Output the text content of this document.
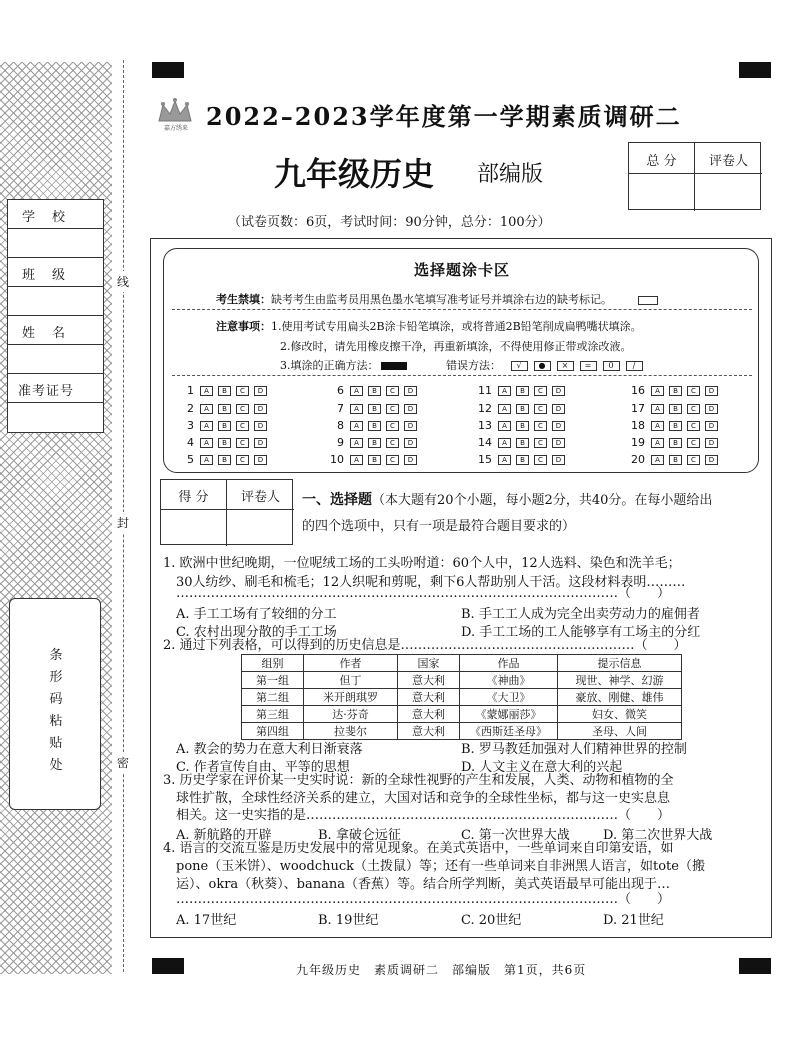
学　校
班　级
姓　名
准考证号
条形码粘贴处
线
封
密
嘉方绣来 2022–2023学年度第一学期素质调研二
九年级历史 部编版
（试卷页数：6页，考试时间：90分钟，总分：100分）
总 分	评卷人
选择题涂卡区
考生禁填：缺考考生由监考员用黑色墨水笔填写准考证号并填涂右边的缺考标记。
注意事项：1.使用考试专用扁头2B涂卡铅笔填涂，或将普通2B铅笔削成扁鸭嘴状填涂。
2.修改时，请先用橡皮擦干净，再重新填涂，不得使用修正带或涂改液。
3.填涂的正确方法：	错误方法： √ ● × = 0 /
1 A B C D
2 A B C D
3 A B C D
4 A B C D
5 A B C D
6 A B C D
7 A B C D
8 A B C D
9 A B C D
10 A B C D
11 A B C D
12 A B C D
13 A B C D
14 A B C D
15 A B C D
16 A B C D
17 A B C D
18 A B C D
19 A B C D
20 A B C D
得 分	评卷人	一、选择题（本大题有20个小题，每小题2分，共40分。在每小题给出
的四个选项中，只有一项是最符合题目要求的）
1. 欧洲中世纪晚期，一位呢绒工场的工头吩咐道：60个人中，12人选料、染色和洗羊毛；
30人纺纱、刷毛和梳毛；12人织呢和剪呢，剩下6人帮助别人干活。这段材料表明………
…………………………………………………………………………………………（　　）
A. 手工工场有了较细的分工	B. 手工工人成为完全出卖劳动力的雇佣者
C. 农村出现分散的手工工场	D. 手工工场的工人能够享有工场主的分红
2. 通过下列表格，可以得到的历史信息是………………………………………………（　　）
组别	作者	国家	作品	提示信息
第一组	但丁	意大利	《神曲》	现世、神学、幻游
第二组	米开朗琪罗	意大利	《大卫》	豪放、刚健、雄伟
第三组	达·芬奇	意大利	《蒙娜丽莎》	妇女、微笑
第四组	拉斐尔	意大利	《西斯廷圣母》	圣母、人间
A. 教会的势力在意大利日渐衰落	B. 罗马教廷加强对人们精神世界的控制
C. 作者宣传自由、平等的思想	D. 人文主义在意大利的兴起
3. 历史学家在评价某一史实时说：新的全球性视野的产生和发展，人类、动物和植物的全
球性扩散，全球性经济关系的建立，大国对话和竞争的全球性坐标，都与这一史实息息
相关。这一史实指的是………………………………………………………………（　　）
A. 新航路的开辟	B. 拿破仑远征	C. 第一次世界大战	D. 第二次世界大战
4. 语言的交流互鉴是历史发展中的常见现象。在美式英语中，一些单词来自印第安语，如
pone（玉米饼）、woodchuck（土拨鼠）等；还有一些单词来自非洲黑人语言，如tote（搬
运）、okra（秋葵）、banana（香蕉）等。结合所学判断，美式英语最早可能出现于…
…………………………………………………………………………………………（　　）
A. 17世纪	B. 19世纪	C. 20世纪	D. 21世纪
九年级历史　素质调研二　部编版　第1页，共6页
